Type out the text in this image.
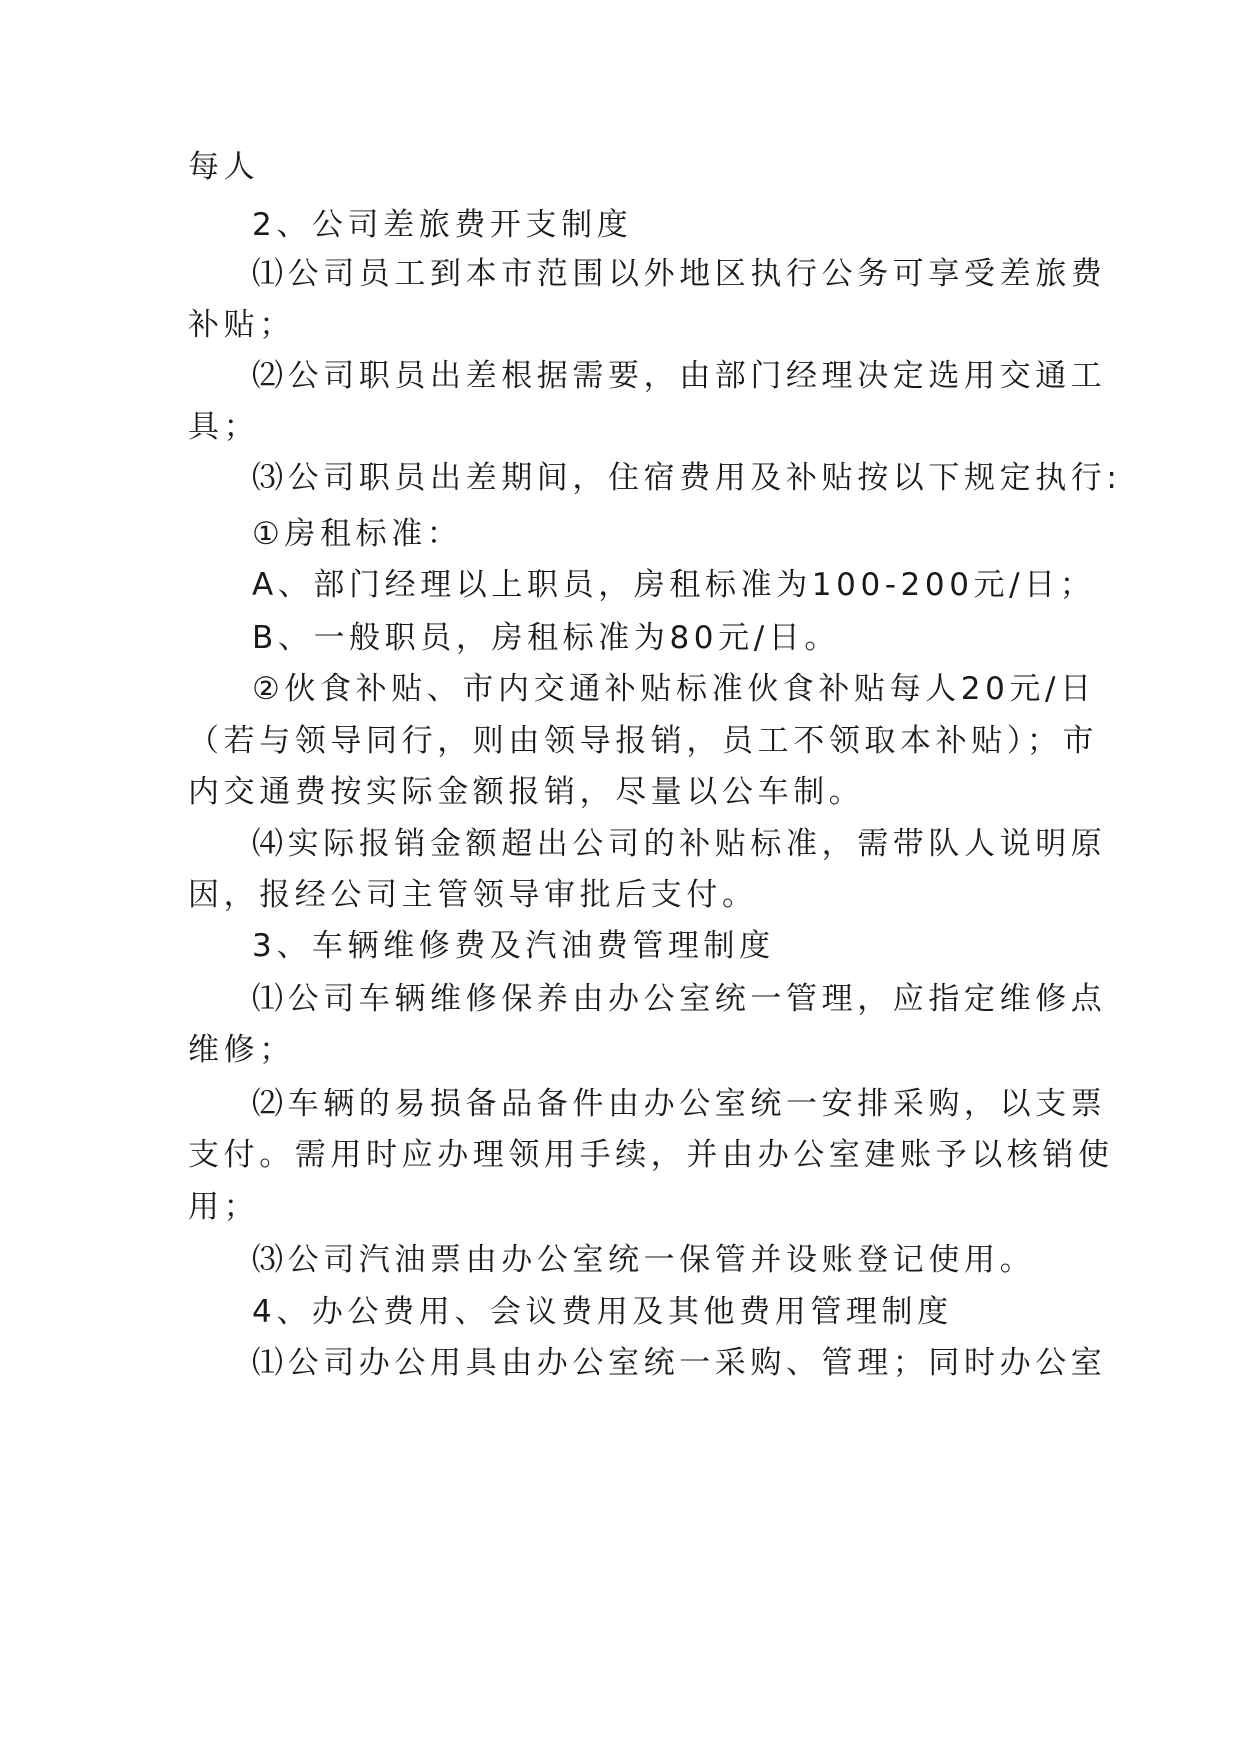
每人
2、公司差旅费开支制度
⑴公司员工到本市范围以外地区执行公务可享受差旅费
补贴；
⑵公司职员出差根据需要，由部门经理决定选用交通工
具；
⑶公司职员出差期间，住宿费用及补贴按以下规定执行:
①房租标准：
A、部门经理以上职员，房租标准为100-200元/日；
B、一般职员，房租标准为80元/日。
②伙食补贴、市内交通补贴标准伙食补贴每人20元/日
（若与领导同行，则由领导报销，员工不领取本补贴）；市
内交通费按实际金额报销，尽量以公车制。
⑷实际报销金额超出公司的补贴标准，需带队人说明原
因，报经公司主管领导审批后支付。
3、车辆维修费及汽油费管理制度
⑴公司车辆维修保养由办公室统一管理，应指定维修点
维修；
⑵车辆的易损备品备件由办公室统一安排采购，以支票
支付。需用时应办理领用手续，并由办公室建账予以核销使
用；
⑶公司汽油票由办公室统一保管并设账登记使用。
4、办公费用、会议费用及其他费用管理制度
⑴公司办公用具由办公室统一采购、管理；同时办公室
